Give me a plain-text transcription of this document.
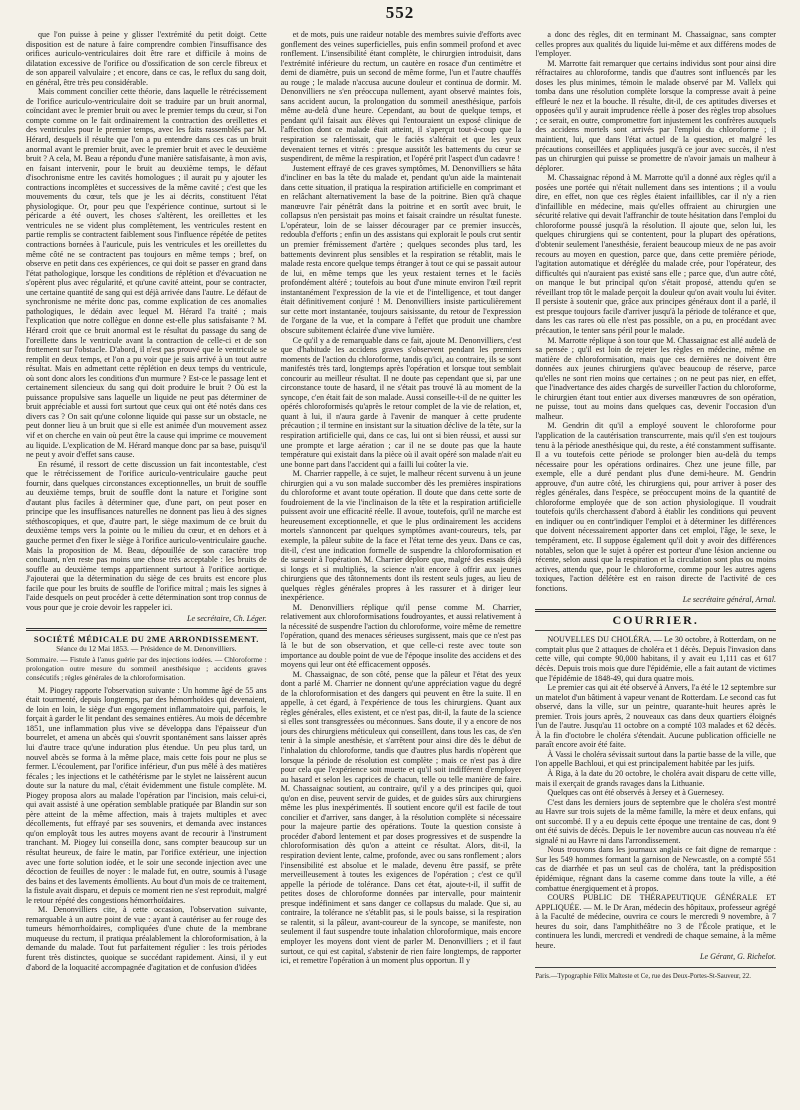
552

que l'on puisse à peine y glisser l'extrémité du petit doigt. Cette disposition est de nature à faire comprendre combien l'insuffisance des orifices auriculo-ventriculaires doit être rare et difficile à moins de dilatation excessive de l'orifice ou d'ossification de son cercle fibreux et de son appareil valvulaire ; et encore, dans ce cas, le reflux du sang doit, en général, être très peu considérable.

Mais comment concilier cette théorie, dans laquelle le rétrécissement de l'orifice auriculo-ventriculaire doit se traduire par un bruit anormal, coïncidant avec le premier bruit ou avec le premier temps du cœur, si l'on compte comme on le fait ordinairement la contraction des oreillettes et des ventricules pour le premier temps, avec les faits rassemblés par M. Hérard, desquels il résulte que l'on a pu entendre dans ces cas un bruit anormal avant le premier bruit, avec le premier bruit et avec le deuxième bruit ? A cela, M. Beau a répondu d'une manière satisfaisante, à mon avis, en faisant intervenir, pour le bruit au deuxième temps, le défaut d'isochronisme entre les cavités homologues ; il aurait pu y ajouter les contractions incomplètes et successives de la même cavité ; c'est que les mouvements du cœur, tels que je les ai décrits, constituent l'état physiologique. Or, pour peu que l'expérience continue, surtout si le péricarde a été ouvert, les choses s'altèrent, les oreillettes et les ventricules ne se vident plus complètement, les ventricules restent en partie remplis se contractent faiblement sous l'influence répétée de petites contractions bornées à l'auricule, puis les ventricules et les oreillettes du même côté ne se contractent pas toujours en même temps ; bref, on observe en petit dans ces expériences, ce qui doit se passer en grand dans l'état pathologique, lorsque les conditions de réplétion et d'évacuation ne s'opèrent plus avec régularité, et qu'une cavité atteint, pour se contracter, une certaine quantité de sang qui est déjà arrivée dans l'autre. Le défaut de synchronisme ne mérite donc pas, comme explication de ces anomalies pathologiques, le dédain avec lequel M. Hérard l'a traité ; mais l'explication que notre collègue en donne est-elle plus satisfaisante ? M. Hérard croit que ce bruit anormal est le résultat du passage du sang de l'oreillette dans le ventricule avant la contraction de celle-ci et de son frottement sur l'obstacle. D'abord, il n'est pas prouvé que le ventricule se remplit en deux temps, et l'on a pu voir que je suis arrivé à un tout autre résultat. Mais en admettant cette réplétion en deux temps du ventricule, où sont donc alors les conditions d'un murmure ? Est-ce le passage lent et certainement silencieux du sang qui doit produire le bruit ? Où est la puissance propulsive sans laquelle un liquide ne peut pas déterminer de bruit appréciable et aussi fort surtout que ceux qui ont été notés dans ces divers cas ? On sait qu'une colonne liquide qui passe sur un obstacle, ne peut donner lieu à un bruit que si elle est animée d'un mouvement assez vif et on cherche en vain où peut être la cause qui imprime ce mouvement au liquide. L'explication de M. Hérard manque donc par sa base, puisqu'il ne peut y avoir d'effet sans cause.

En résumé, il ressort de cette discussion un fait incontestable, c'est que le rétrécissement de l'orifice auriculo-ventriculaire gauche peut fournir, dans quelques circonstances exceptionnelles, un bruit de souffle au deuxième temps, bruit de souffle dont la nature et l'origine sont d'autant plus faciles à déterminer que, d'une part, on peut poser en principe que les insuffisances naturelles ne donnent pas lieu à des signes stéthoscopiques, et que, d'autre part, le siège maximum de ce bruit du deuxième temps vers la pointe ou le milieu du cœur, et en dehors et à gauche permet d'en fixer le siège à l'orifice auriculo-ventriculaire gauche. Mais la proposition de M. Beau, dépouillée de son caractère trop concluant, n'en reste pas moins une chose très acceptable : les bruits de souffle au deuxième temps appartiennent surtout à l'orifice aortique. J'ajouterai que la détermination du siège de ces bruits est encore plus facile que pour les bruits de souffle de l'orifice mitral ; mais les signes à l'aide desquels on peut procéder à cette détermination sont trop connus de vous pour que je croie devoir les rappeler ici.

Le secrétaire, Ch. Léger.

SOCIÉTÉ MÉDICALE DU 2ME ARRONDISSEMENT.
Séance du 12 Mai 1853. — Présidence de M. Denonvilliers.
Sommaire. — Fistule à l'anus guérie par des injections iodées. — Chloroforme : prolongation outre mesure du sommeil anesthésique ; accidents graves consécutifs ; règles générales de la chloroformisation.

M. Piogey rapporte l'observation suivante : Un homme âgé de 55 ans était tourmenté, depuis longtemps, par des hémorrhoïdes qui devenaient, de loin en loin, le siège d'un engorgement inflammatoire qui, parfois, le forçait à garder le lit pendant des semaines entières. Au mois de décembre 1851, une inflammation plus vive se développa dans l'épaisseur d'un bourrelet, et amena un abcès qui s'ouvrit spontanément sans laisser après lui d'autre trace qu'une induration plus étendue. Un peu plus tard, un nouvel abcès se forma à la même place, mais cette fois pour ne plus se fermer. L'écoulement, par l'orifice inférieur, d'un pus mêlé à des matières fécales ; les injections et le cathétérisme par le stylet ne laissèrent aucun doute sur la nature du mal, c'était évidemment une fistule complète. M. Piogey proposa alors au malade l'opération par l'incision, mais celui-ci, qui avait assisté à une opération semblable pratiquée par Blandin sur son père atteint de la même affection, mais à trajets multiples et avec décollements, fut effrayé par ses souvenirs, et demanda avec instances qu'on employât tous les autres moyens avant de recourir à l'instrument tranchant. M. Piogey lui conseilla donc, sans compter beaucoup sur un résultat heureux, de faire le matin, par l'orifice extérieur, une injection avec une forte solution iodée, et le soir une seconde injection avec une décoction de feuilles de noyer : le malade fut, en outre, soumis à l'usage des bains et des lavements émollients. Au bout d'un mois de ce traitement, la fistule avait disparu, et depuis ce moment rien ne s'est reproduit, malgré le retour répété des congestions hémorrhoïdaires.

M. Denonvilliers cite, à cette occasion, l'observation suivante, remarquable à un autre point de vue : ayant à cautériser au fer rouge des tumeurs hémorrhoïdaires, compliquées d'une chute de la membrane muqueuse du rectum, il pratiqua préalablement la chloroformisation, à la demande du malade. Tout fut parfaitement régulier : les trois périodes furent très distinctes, quoique se succédant rapidement. Ainsi, il y eut d'abord de la loquacité accompagnée d'agitation et de confusion d'idées

et de mots, puis une raideur notable des membres suivie d'efforts avec gonflement des veines superficielles, puis enfin sommeil profond et avec ronflement. L'insensibilité étant complète, le chirurgien introduisit, dans l'extrémité inférieure du rectum, un cautère en rosace d'un centimètre et demi de diamètre, puis un second de même forme, l'un et l'autre chauffés au rouge ; le malade n'accusa aucune douleur et continua de dormir. M. Denonvilliers ne s'en préoccupa nullement, ayant observé maintes fois, sans accident aucun, la prolongation du sommeil anesthésique, parfois même au-delà d'une heure. Cependant, au bout de quelque temps, et pendant qu'il faisait aux élèves qui l'entouraient un exposé clinique de l'affection dont ce malade était atteint, il s'aperçut tout-à-coup que la respiration se ralentissait, que le faciès s'altérait et que les yeux devenaient ternes et vitrés : presque aussitôt les battements du cœur se suspendirent, de même la respiration, et l'opéré prit l'aspect d'un cadavre !

Justement effrayé de ces graves symptômes, M. Denonvilliers se hâta d'incliner en bas la tête du malade et, pendant qu'un aide la maintenait dans cette situation, il pratiqua la respiration artificielle en comprimant et en relâchant alternativement la base de la poitrine. Bien qu'à chaque manœuvre l'air pénétrât dans la poitrine et en sortît avec bruit, le collapsus n'en persistait pas moins et faisait craindre un résultat funeste. L'opérateur, loin de se laisser décourager par ce premier insuccès, redoubla d'efforts ; enfin un des assistans qui explorait le pouls crut sentir un premier frémissement d'artère ; quelques secondes plus tard, les battements devinrent plus sensibles et la respiration se rétablit, mais le malade resta encore quelque temps étranger à tout ce qui se passait autour de lui, en même temps que les yeux restaient ternes et le faciès profondément altéré ; toutefois au bout d'une minute environ l'œil reprit instantanément l'expression de la vie et de l'intelligence, et tout danger était définitivement conjuré ! M. Denonvilliers insiste particulièrement sur cette mort instantanée, toujours saisissante, du retour de l'expression de l'organe de la vue, et la compare à l'effet que produit une chambre obscure subitement éclairée d'une vive lumière.

Ce qu'il y a de remarquable dans ce fait, ajoute M. Denonvilliers, c'est que d'habitude les accidens graves s'observent pendant les premiers moments de l'action du chloroforme, tandis qu'ici, au contraire, ils se sont manifestés très tard, longtemps après l'opération et lorsque tout semblait concourir au meilleur résultat. Il ne doute pas cependant que si, par une circonstance toute de hasard, il ne s'était pas trouvé là au moment de la syncope, c'en était fait de son malade. Aussi conseille-t-il de ne quitter les opérés chloroformisés qu'après le retour complet de la vie de relation, et, quant à lui, il n'aura garde à l'avenir de manquer à cette prudente précaution ; il termine en insistant sur la situation déclive de la tête, sur la respiration artificielle qui, dans ce cas, lui ont si bien réussi, et aussi sur une prompte et large aération ; car il ne se doute pas que la haute température qui existait dans la pièce où il avait opéré son malade n'ait eu une bonne part dans l'accident qui a failli lui coûter la vie.

M. Charrier rappelle, à ce sujet, le malheur récent survenu à un jeune chirurgien qui a vu son malade succomber dès les premières inspirations du chloroforme et avant toute opération. Il doute que dans cette sorte de foudroiement de la vie l'inclinaison de la tête et la respiration artificielle puissent avoir une efficacité réelle. Il avoue, toutefois, qu'il ne marche est heureusement exceptionnelle, et que le plus ordinairement les accidens mortels s'annoncent par quelques symptômes avant-coureurs, tels, par exemple, la pâleur subite de la face et l'état terne des yeux. Dans ce cas, dit-il, c'est une indication formelle de suspendre la chloroformisation et de surseoir à l'opération. M. Charrier déplore que, malgré des essais déjà si longs et si multipliés, la science n'ait encore à offrir aux jeunes chirurgiens que des tâtonnements dont ils restent seuls juges, au lieu de quelques règles générales propres à les rassurer et à diriger leur inexpérience.

M. Denonvilliers réplique qu'il pense comme M. Charrier, relativement aux chloroformisations foudroyantes, et aussi relativement à la nécessité de suspendre l'action du chloroforme, voire même de remettre l'opération, quand des menaces sérieuses surgissent, mais que ce n'est pas là le but de son observation, et que celle-ci reste avec toute son importance au double point de vue de l'époque insolite des accidens et des moyens qui leur ont été efficacement opposés.

M. Chassaignac, de son côté, pense que la pâleur et l'état des yeux dont a parlé M. Charrier ne donnent qu'une appréciation vague du degré de la chloroformisation et des dangers qui peuvent en être la suite. Il en appelle, à cet égard, à l'expérience de tous les chirurgiens. Quant aux règles générales, elles existent, et ce n'est pas, dit-il, la faute de la science si elles sont transgressées ou méconnues. Sans doute, il y a encore de nos jours des chirurgiens méticuleux qui conseillent, dans tous les cas, de s'en tenir à la simple anesthésie, et s'arrêtent pour ainsi dire dès le début de l'inhalation du chloroforme, tandis que d'autres plus hardis n'opèrent que lorsque la période de résolution est complète ; mais ce n'est pas à dire pour cela que l'expérience soit muette et qu'il soit indifférent d'employer au hasard et selon les caprices de chacun, telle ou telle manière de faire. M. Chassaignac soutient, au contraire, qu'il y a des principes qui, quoi qu'on en dise, peuvent servir de guides, et de guides sûrs aux chirurgiens même les plus inexpérimentés. Il soutient encore qu'il est facile de tout concilier et d'arriver, sans danger, à la résolution complète si nécessaire pour la majeure partie des opérations. Toute la question consiste à procéder d'abord lentement et par doses progressives et de suspendre la chloroformisation dès qu'on a atteint ce résultat. Alors, dit-il, la respiration devient lente, calme, profonde, avec ou sans ronflement ; alors l'insensibilité est absolue et le malade, devenu être passif, se prête merveilleusement à toutes les exigences de l'opération ; c'est ce qu'il appelle la période de tolérance. Dans cet état, ajoute-t-il, il suffit de petites doses de chloroforme données par intervalle, pour maintenir presque indéfiniment et sans danger ce collapsus du malade. Que si, au contraire, la tolérance ne s'établit pas, si le pouls baisse, si la respiration se ralentit, si la pâleur, avant-coureur de la syncope, se manifeste, non seulement il faut suspendre toute inhalation chloroformique, mais encore employer les moyens dont vient de parler M. Denonvilliers ; et il faut surtout, ce qui est capital, s'abstenir de rien faire longtemps, de rapporter ici, et remettre l'opération à un moment plus opportun. Il y

a donc des règles, dit en terminant M. Chassaignac, sans compter celles propres aux qualités du liquide lui-même et aux différens modes de l'employer.

M. Marrotte fait remarquer que certains individus sont pour ainsi dire réfractaires au chloroforme, tandis que d'autres sont influencés par les doses les plus minimes, témoin le malade observé par M. Vallelx qui tomba dans une résolution complète lorsque la compresse avait à peine effleuré le nez et la bouche. Il résulte, dit-il, de ces aptitudes diverses et opposées qu'il y aurait imprudence réelle à poser des règles trop absolues ; ce serait, en outre, compromettre fort injustement les confrères auxquels des accidens mortels sont arrivés par l'emploi du chloroforme ; il maintient, lui, que dans l'état actuel de la question, et malgré les précautions conseillées et appliquées jusqu'à ce jour avec succès, il n'est pas un chirurgien qui puisse se promettre de n'avoir jamais un malheur à déplorer.

M. Chassaignac répond à M. Marrotte qu'il a donné aux règles qu'il a posées une portée qui n'était nullement dans ses intentions ; il a voulu dire, en effet, non que ces règles étaient infaillibles, car il n'y a rien d'infaillible en médecine, mais qu'elles offraient au chirurgien une sécurité relative qui devait l'affranchir de toute hésitation dans l'emploi du chloroforme poussé jusqu'à la résolution. Il ajoute que, selon lui, les quelques chirurgiens qui se contentent, pour la plupart des opérations, d'obtenir seulement l'anesthésie, feraient beaucoup mieux de ne pas avoir recours au moyen en question, parce que, dans cette première période, l'agitation automatique et déréglée du malade crée, pour l'opérateur, des difficultés qui n'auraient pas existé sans elle ; parce que, d'un autre côté, on manque le but principal qu'on s'était proposé, attendu qu'en se réveillant trop tôt le malade perçoit la douleur qu'on avait voulu lui éviter. Il persiste à soutenir que, grâce aux principes généraux dont il a parlé, il est presque toujours facile d'arriver jusqu'à la période de tolérance et que, dans les cas rares où elle n'est pas possible, on a pu, en procédant avec précaution, le tenter sans péril pour le malade.

M. Marrotte réplique à son tour que M. Chassaignac est allé audelà de sa pensée ; qu'il est loin de rejeter les règles en médecine, même en matière de chloroformisation, mais que ces dernières ne doivent être données aux jeunes chirurgiens qu'avec beaucoup de réserve, parce qu'elles ne sont rien moins que certaines ; on ne peut pas nier, en effet, que l'inadvertance des aides chargés de surveiller l'action du chloroforme, le chirurgien étant tout entier aux diverses manœuvres de son opération, ne puisse, tout au moins dans quelques cas, devenir l'occasion d'un malheur.

M. Gendrin dit qu'il a employé souvent le chloroforme pour l'application de la cautérisation transcurrente, mais qu'il s'en est toujours tenu à la période anesthésique qui, du reste, a été constamment suffisante. Il a vu toutefois cette période se prolonger bien au-delà du temps nécessaire pour les opérations ordinaires. Chez une jeune fille, par exemple, elle a duré pendant plus d'une demi-heure. M. Gendrin approuve, d'un autre côté, les chirurgiens qui, pour arriver à poser des règles générales, dans l'espèce, se préoccupent moins de la quantité de chloroforme employée que de son action physiologique. Il voudrait toutefois qu'ils cherchassent d'abord à établir les conditions qui peuvent en indiquer ou en contr'indiquer l'emploi et à déterminer les différences que doivent nécessairement apporter dans cet emploi, l'âge, le sexe, le tempérament, etc. Il suppose également qu'il doit y avoir des différences notables, selon que le sujet à opérer est porteur d'une lésion ancienne ou récente, selon aussi que la respiration et la circulation sont plus ou moins actives, attendu que, pour le chloroforme, comme pour les autres agens toxiques, l'action délétère est en raison directe de l'activité de ces fonctions.

Le secrétaire général, Arnal.

COURRIER.

NOUVELLES DU CHOLÉRA. — Le 30 octobre, à Rotterdam, on ne comptait plus que 2 attaques de choléra et 1 décès. Depuis l'invasion dans cette ville, qui compte 90,000 habitans, il y avait eu 1,111 cas et 617 décès. Depuis trois mois que dure l'épidémie, elle a fait autant de victimes que l'épidémie de 1848-49, qui dura quatre mois.

Le premier cas qui ait été observé à Anvers, l'a été le 12 septembre sur un matelot d'un bâtiment à vapeur venant de Rotterdam. Le second cas fut observé, dans la ville, sur un peintre, quarante-huit heures après le premier. Trois jours après, 2 nouveaux cas dans deux quartiers éloignés l'un de l'autre. Jusqu'au 11 octobre on a compté 103 malades et 62 décès. À la fin d'octobre le choléra s'étendait. Aucune publication officielle ne paraît encore avoir été faite.

À Vassi le choléra sévissait surtout dans la partie basse de la ville, que l'on appelle Bachloui, et qui est principalement habitée par les juifs.

À Riga, à la date du 20 octobre, le choléra avait disparu de cette ville, mais il exerçait de grands ravages dans la Lithuanie.

Quelques cas ont été observés à Jersey et à Guernesey.

C'est dans les derniers jours de septembre que le choléra s'est montré au Havre sur trois sujets de la même famille, la mère et deux enfans, qui ont succombé. Il y a eu depuis cette époque une trentaine de cas, dont 9 ont été suivis de décès. Depuis le 1er novembre aucun cas nouveau n'a été signalé ni au Havre ni dans l'arrondissement.

Nous trouvons dans les journaux anglais ce fait digne de remarque : Sur les 549 hommes formant la garnison de Newcastle, on a compté 551 cas de diarrhée et pas un seul cas de choléra, tant la prédisposition épidémique, régnant dans la caserne comme dans toute la ville, a été combattue énergiquement et à propos.

COURS PUBLIC DE THÉRAPEUTIQUE GÉNÉRALE ET APPLIQUÉE. — M. le Dr Aran, médecin des hôpitaux, professeur agrégé à la Faculté de médecine, ouvrira ce cours le mercredi 9 novembre, à 7 heures du soir, dans l'amphithéâtre no 3 de l'École pratique, et le continuera les lundi, mercredi et vendredi de chaque semaine, à la même heure.

Le Gérant, G. Richelot.

Paris.—Typographie Félix Malteste et Ce, rue des Deux-Portes-St-Sauveur, 22.
